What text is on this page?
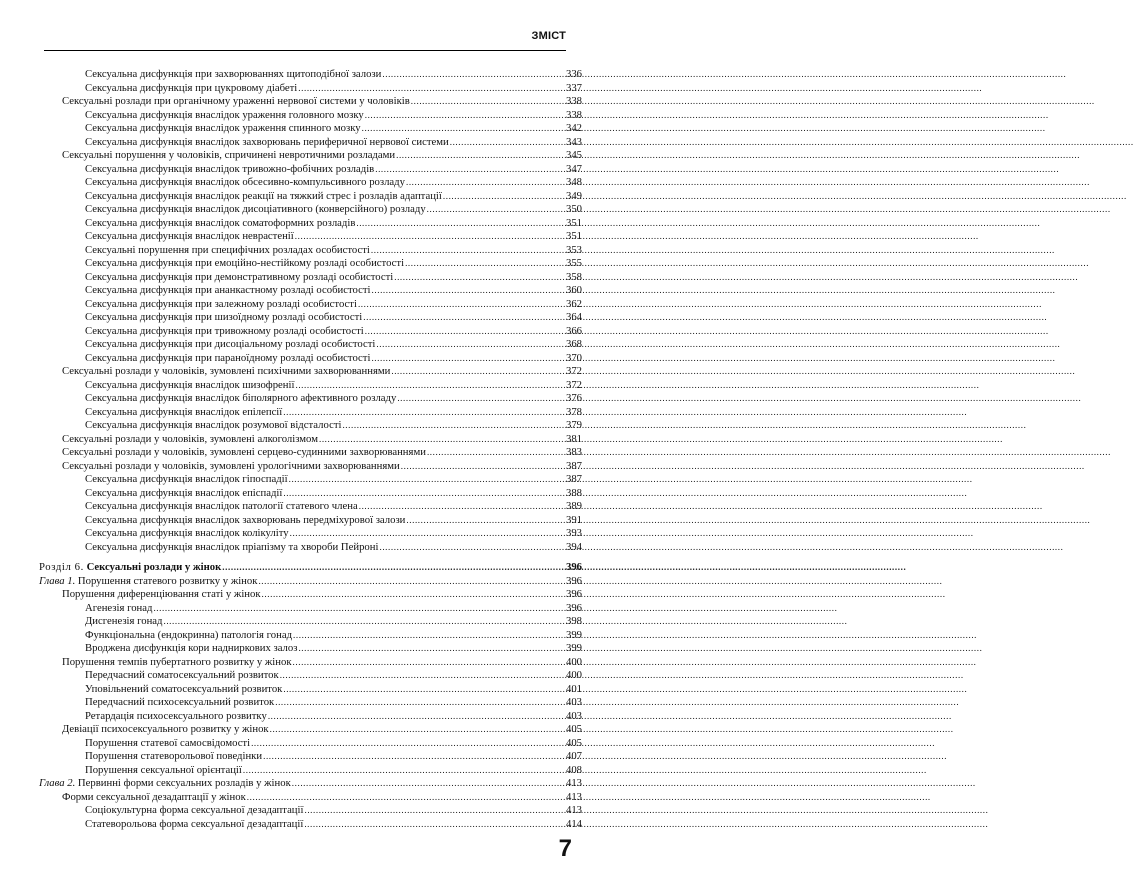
ЗМІСТ
Сексуальна дисфункція при захворюваннях щитоподібної залози .....	336
Сексуальна дисфункція при цукровому діабеті .....	337
Сексуальні розлади при органічному ураженні нервової системи у чоловіків .....	338
Сексуальна дисфункція внаслідок ураження головного мозку .....	338
Сексуальна дисфункція внаслідок ураження спинного мозку .....	342
Сексуальна дисфункція внаслідок захворювань периферичної нервової системи .....	343
Сексуальні порушення у чоловіків, спричинені невротичними розладами .....	345
Сексуальна дисфункція внаслідок тривожно-фобічних розладів .....	347
Сексуальна дисфункція внаслідок обсесивно-компульсивного розладу .....	348
Сексуальна дисфункція внаслідок реакції на тяжкий стрес і розладів адаптації .....	349
Сексуальна дисфункція внаслідок дисоціативного (конверсійного) розладу .....	350
Сексуальна дисфункція внаслідок соматоформних розладів .....	351
Сексуальна дисфункція внаслідок неврастенії .....	351
Сексуальні порушення при специфічних розладах особистості .....	353
Сексуальна дисфункція при емоційно-нестійкому розладі особистості .....	355
Сексуальна дисфункція при демонстративному розладі особистості .....	358
Сексуальна дисфункція при ананкастному розладі особистості .....	360
Сексуальна дисфункція при залежному розладі особистості .....	362
Сексуальна дисфункція при шизоїдному розладі особистості .....	364
Сексуальна дисфункція при тривожному розладі особистості .....	366
Сексуальна дисфункція при дисоціальному розладі особистості .....	368
Сексуальна дисфункція при параноїдному розладі особистості .....	370
Сексуальні розлади у чоловіків, зумовлені психічними захворюваннями .....	372
Сексуальна дисфункція внаслідок шизофренії .....	372
Сексуальна дисфункція внаслідок біполярного афективного розладу .....	376
Сексуальна дисфункція внаслідок епілепсії .....	378
Сексуальна дисфункція внаслідок розумової відсталості .....	379
Сексуальні розлади у чоловіків, зумовлені алкоголізмом .....	381
Сексуальні розлади у чоловіків, зумовлені серцево-судинними захворюваннями .....	383
Сексуальні розлади у чоловіків, зумовлені урологічними захворюваннями .....	387
Сексуальна дисфункція внаслідок гіпоспадії .....	387
Сексуальна дисфункція внаслідок епіспадії .....	388
Сексуальна дисфункція внаслідок патології статевого члена .....	389
Сексуальна дисфункція внаслідок захворювань передміхурової залози .....	391
Сексуальна дисфункція внаслідок колікуліту .....	393
Сексуальна дисфункція внаслідок пріапізму та хвороби Пейроні .....	394
Розділ 6. Сексуальні розлади у жінок .....	396
Глава 1. Порушення статевого розвитку у жінок .....	396
Порушення диференціювання статі у жінок .....	396
Агенезія гонад .....	396
Дисгенезія гонад .....	398
Функціональна (ендокринна) патологія гонад .....	399
Вроджена дисфункція кори надниркових залоз .....	399
Порушення темпів пубертатного розвитку у жінок .....	400
Передчасний соматосексуальний розвиток .....	400
Уповільнений соматосексуальний розвиток .....	401
Передчасний психосексуальний розвиток .....	403
Ретардація психосексуального розвитку .....	403
Девіації психосексуального розвитку у жінок .....	405
Порушення статевої самосвідомості .....	405
Порушення статеворольової поведінки .....	407
Порушення сексуальної орієнтації .....	408
Глава 2. Первинні форми сексуальних розладів у жінок .....	413
Форми сексуальної дезадаптації у жінок .....	413
Соціокультурна форма сексуальної дезадаптації .....	413
Статеворольова форма сексуальної дезадаптації .....	414
7
